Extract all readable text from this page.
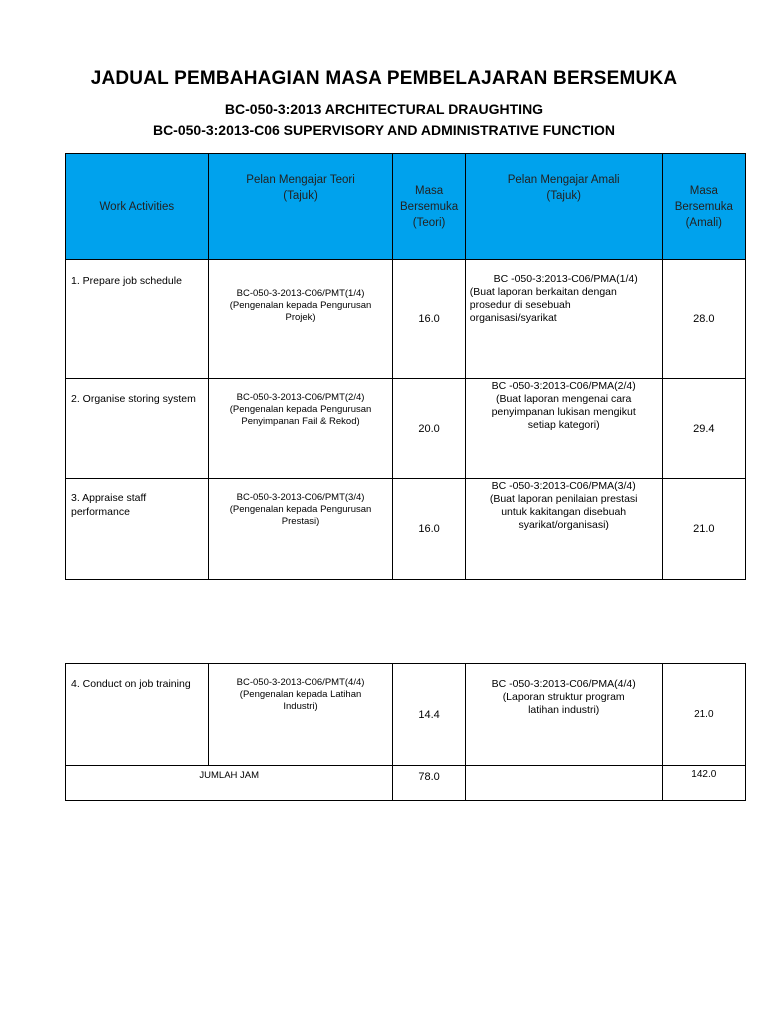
JADUAL PEMBAHAGIAN MASA PEMBELAJARAN BERSEMUKA
BC-050-3:2013 ARCHITECTURAL DRAUGHTING
BC-050-3:2013-C06 SUPERVISORY AND ADMINISTRATIVE FUNCTION
Work Activities	Pelan Mengajar Teori
(Tajuk)	Masa
Bersemuka
(Teori)	Pelan Mengajar Amali
(Tajuk)	Masa
Bersemuka
(Amali)
1. Prepare job schedule	BC-050-3-2013-C06/PMT(1/4)
(Pengenalan kepada Pengurusan
Projek)	16.0	BC -050-3:2013-C06/PMA(1/4)
(Buat laporan berkaitan dengan
prosedur di sesebuah
organisasi/syarikat	28.0
2. Organise storing system	BC-050-3-2013-C06/PMT(2/4)
(Pengenalan kepada Pengurusan
Penyimpanan Fail & Rekod)	20.0	BC -050-3:2013-C06/PMA(2/4)
(Buat laporan mengenai cara
penyimpanan lukisan mengikut
setiap kategori)	29.4
3. Appraise staff performance	BC-050-3-2013-C06/PMT(3/4)
(Pengenalan kepada Pengurusan
Prestasi)	16.0	BC -050-3:2013-C06/PMA(3/4)
(Buat laporan penilaian prestasi
untuk kakitangan disebuah
syarikat/organisasi)	21.0
4. Conduct on job training	BC-050-3-2013-C06/PMT(4/4)
(Pengenalan kepada Latihan
Industri)	14.4	BC -050-3:2013-C06/PMA(4/4)
(Laporan struktur program
latihan industri)	21.0
JUMLAH JAM		78.0		142.0
